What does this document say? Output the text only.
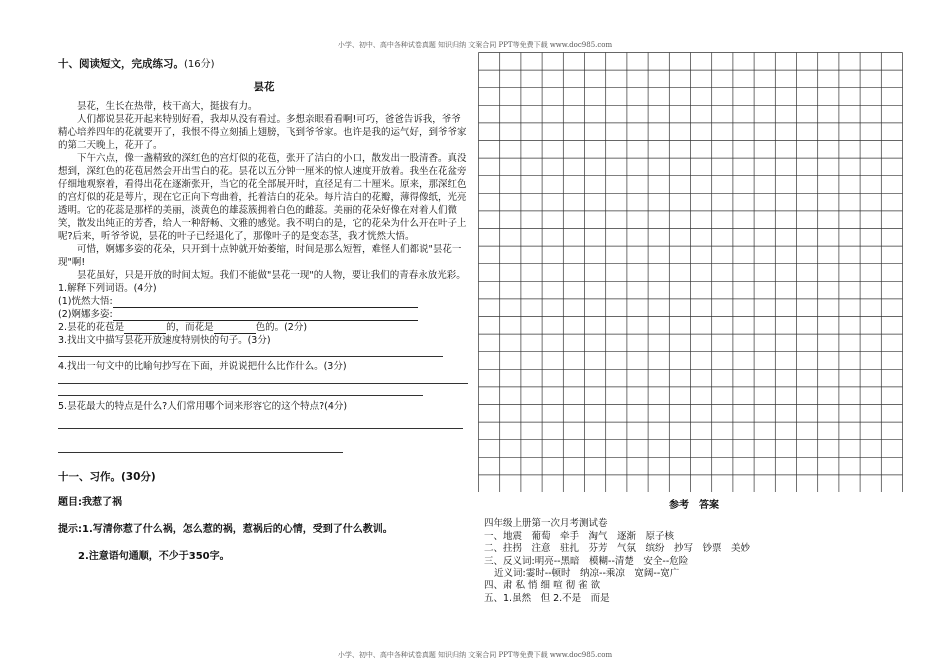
小学、初中、高中各种试卷真题 知识归纳 文案合同 PPT等免费下载 www.doc985.com
十、阅读短文，完成练习。(16分)
昙花

昙花，生长在热带，枝干高大，挺拔有力。

人们都说昙花开起来特别好看，我却从没有看过。多想亲眼看看啊!可巧，爸爸告诉我，爷爷精心培养四年的花就要开了，我恨不得立刻插上翅膀，飞到爷爷家。也许是我的运气好，到爷爷家的第二天晚上，花开了。

下午六点，像一盏精致的深红色的宫灯似的花苞，张开了洁白的小口，散发出一股清香。真没想到，深红色的花苞居然会开出雪白的花。昙花以五分钟一厘米的惊人速度开放着。我坐在花盆旁仔细地观察着，看得出花在逐渐张开，当它的花全部展开时，直径足有二十厘米。原来，那深红色的宫灯似的花是萼片，现在它正向下弯曲着，托着洁白的花朵。每片洁白的花瓣，薄得像纸，光亮透明。它的花蕊是那样的美丽，淡黄色的雄蕊簇拥着白色的雌蕊。美丽的花朵好像在对着人们微笑，散发出纯正的芳香，给人一种舒畅、文雅的感觉。我不明白的是，它的花朵为什么开在叶子上呢?后来，听爷爷说，昙花的叶子已经退化了，那像叶子的是变态茎，我才恍然大悟。

可惜，婀娜多姿的花朵，只开到十点钟就开始萎缩，时间是那么短暂，难怪人们都说"昙花一现"啊!

昙花虽好，只是开放的时间太短。我们不能做"昙花一现"的人物，要让我们的青春永放光彩。

1.解释下列词语。(4分)

(1)恍然大悟:

(2)婀娜多姿:

2.昙花的花苞是	的，而花是	色的。(2分)

3.找出文中描写昙花开放速度特别快的句子。(3分)

4.找出一句文中的比喻句抄写在下面，并说说把什么比作什么。(3分)

5.昙花最大的特点是什么?人们常用哪个词来形容它的这个特点?(4分)

十一、习作。(30分)
题目:我惹了祸
提示:1.写清你惹了什么祸，怎么惹的祸，惹祸后的心情，受到了什么教训。
2.注意语句通顺，不少于350字。
参考　答案

四年级上册第一次月考测试卷

一、地震　葡萄　牵手　淘气　逐渐　原子核

二、拄拐　注意　驻扎　芬芳　气氛　缤纷　抄写　钞票　美妙

三、反义词:明亮--黑暗　模糊--清楚　安全--危险

近义词:霎时--顿时　纳凉--乘凉　宽阔--宽广

四、肃 私 悄 细 喧 彻 雀 欲

五、1.虽然　但 2.不是　而是

小学、初中、高中各种试卷真题 知识归纳 文案合同 PPT等免费下载 www.doc985.com
